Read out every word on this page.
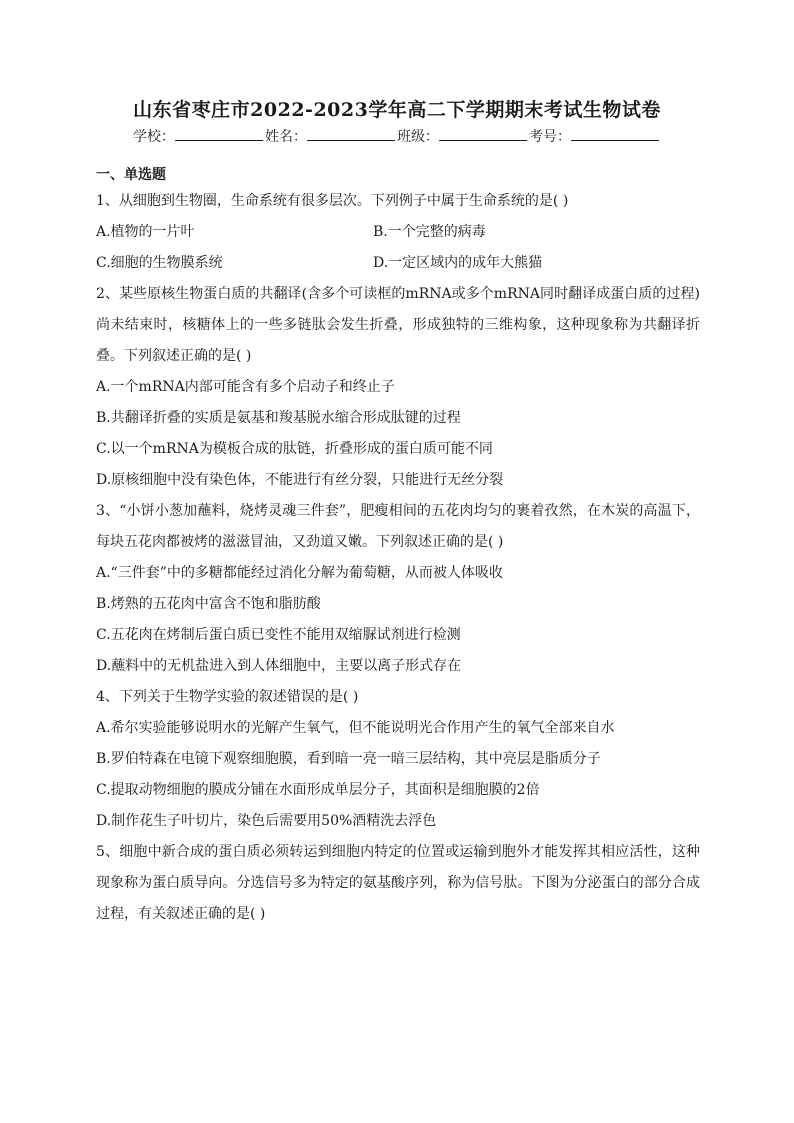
山东省枣庄市2022-2023学年高二下学期期末考试生物试卷
学校：	姓名：	班级：	考号：
一、单选题

1、从细胞到生物圈，生命系统有很多层次。下列例子中属于生命系统的是( )

A.植物的一片叶	B.一个完整的病毒

C.细胞的生物膜系统	D.一定区域内的成年大熊猫

2、某些原核生物蛋白质的共翻译(含多个可读框的mRNA或多个mRNA同时翻译成蛋白质的过程)尚未结束时，核糖体上的一些多链肽会发生折叠，形成独特的三维构象，这种现象称为共翻译折叠。下列叙述正确的是( )

A.一个mRNA内部可能含有多个启动子和终止子

B.共翻译折叠的实质是氨基和羧基脱水缩合形成肽键的过程

C.以一个mRNA为模板合成的肽链，折叠形成的蛋白质可能不同

D.原核细胞中没有染色体，不能进行有丝分裂，只能进行无丝分裂

3、“小饼小葱加蘸料，烧烤灵魂三件套”，肥瘦相间的五花肉均匀的裹着孜然，在木炭的高温下，每块五花肉都被烤的滋滋冒油，又劲道又嫩。下列叙述正确的是( )

A.“三件套”中的多糖都能经过消化分解为葡萄糖，从而被人体吸收

B.烤熟的五花肉中富含不饱和脂肪酸

C.五花肉在烤制后蛋白质已变性不能用双缩脲试剂进行检测

D.蘸料中的无机盐进入到人体细胞中，主要以离子形式存在

4、下列关于生物学实验的叙述错误的是( )

A.希尔实验能够说明水的光解产生氧气，但不能说明光合作用产生的氧气全部来自水

B.罗伯特森在电镜下观察细胞膜，看到暗一亮一暗三层结构，其中亮层是脂质分子

C.提取动物细胞的膜成分铺在水面形成单层分子，其面积是细胞膜的2倍

D.制作花生子叶切片，染色后需要用50%酒精洗去浮色

5、细胞中新合成的蛋白质必须转运到细胞内特定的位置或运输到胞外才能发挥其相应活性，这种现象称为蛋白质导向。分选信号多为特定的氨基酸序列，称为信号肽。下图为分泌蛋白的部分合成过程，有关叙述正确的是( )
